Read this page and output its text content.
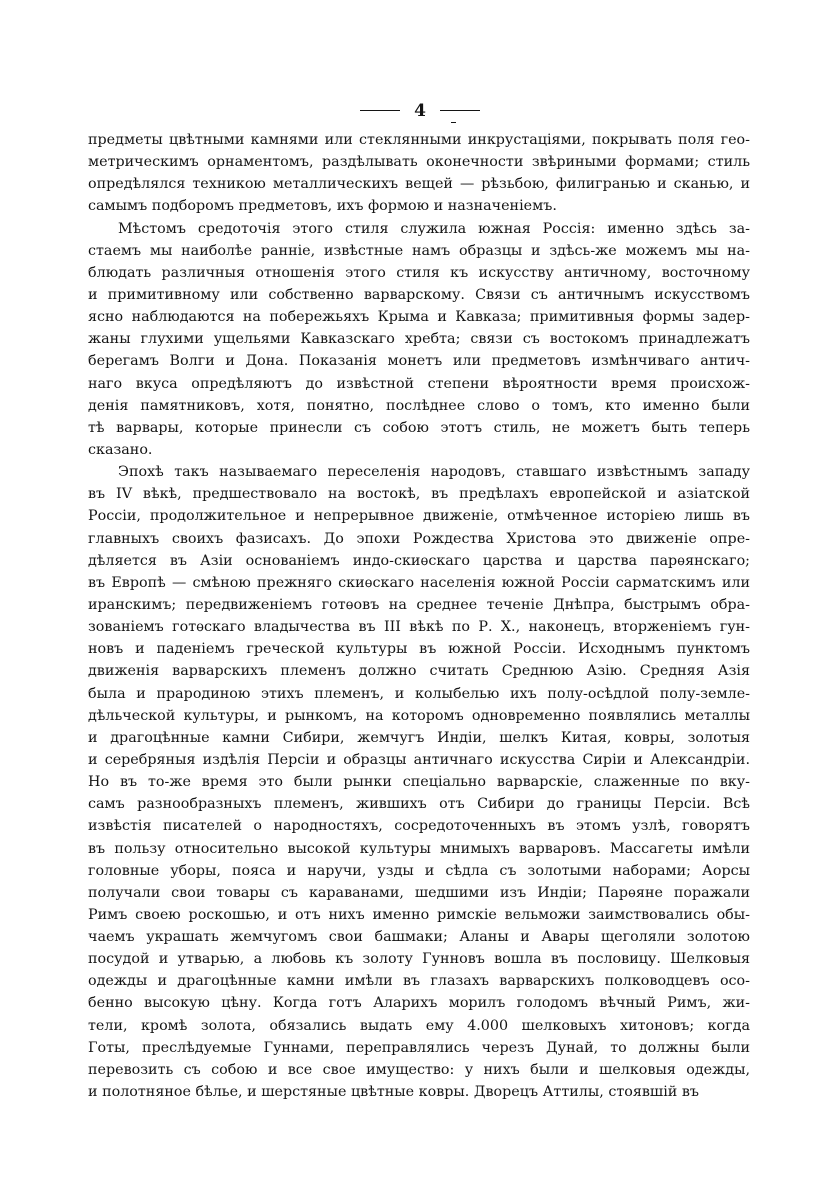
4
предметы цвѣтными камнями или стеклянными инкрустаціями, покрывать поля гео-
метрическимъ орнаментомъ, раздѣлывать оконечности звѣриными формами; стиль
опредѣлялся техникою металлическихъ вещей — рѣзьбою, филигранью и сканью, и
самымъ подборомъ предметовъ, ихъ формою и назначеніемъ.
Мѣстомъ средоточія этого стиля служила южная Россія: именно здѣсь за-
стаемъ мы наиболѣе ранніе, извѣстные намъ образцы и здѣсь-же можемъ мы на-
блюдать различныя отношенія этого стиля къ искусству античному, восточному
и примитивному или собственно варварскому. Связи съ античнымъ искусствомъ
ясно наблюдаются на побережьяхъ Крыма и Кавказа; примитивныя формы задер-
жаны глухими ущельями Кавказскаго хребта; связи съ востокомъ принадлежатъ
берегамъ Волги и Дона. Показанія монетъ или предметовъ измѣнчиваго антич-
наго вкуса опредѣляютъ до извѣстной степени вѣроятности время происхож-
денія памятниковъ, хотя, понятно, послѣднее слово о томъ, кто именно были
тѣ варвары, которые принесли съ собою этотъ стиль, не можетъ быть теперь
сказано.
Эпохѣ такъ называемаго переселенія народовъ, ставшаго извѣстнымъ западу
въ IV вѣкѣ, предшествовало на востокѣ, въ предѣлахъ европейской и азіатской
Россіи, продолжительное и непрерывное движеніе, отмѣченное исторіею лишь въ
главныхъ своихъ фазисахъ. До эпохи Рождества Христова это движеніе опре-
дѣляется въ Азіи основаніемъ индо-скиѳскаго царства и царства парѳянскаго;
въ Европѣ — смѣною прежняго скиѳскаго населенія южной Россіи сарматскимъ или
иранскимъ; передвиженіемъ готѳовъ на среднее теченіе Днѣпра, быстрымъ обра-
зованіемъ готѳскаго владычества въ III вѣкѣ по Р. Х., наконецъ, вторженіемъ гун-
новъ и паденіемъ греческой культуры въ южной Россіи. Исходнымъ пунктомъ
движенія варварскихъ племенъ должно считать Среднюю Азію. Средняя Азія
была и прародиною этихъ племенъ, и колыбелью ихъ полу-осѣдлой полу-земле-
дѣльческой культуры, и рынкомъ, на которомъ одновременно появлялись металлы
и драгоцѣнные камни Сибири, жемчугъ Индіи, шелкъ Китая, ковры, золотыя
и серебряныя издѣлія Персіи и образцы античнаго искусства Сиріи и Александріи.
Но въ то-же время это были рынки спеціально варварскіе, слаженные по вку-
самъ разнообразныхъ племенъ, жившихъ отъ Сибири до границы Персіи. Всѣ
извѣстія писателей о народностяхъ, сосредоточенныхъ въ этомъ узлѣ, говорятъ
въ пользу относительно высокой культуры мнимыхъ варваровъ. Массагеты имѣли
головные уборы, пояса и наручи, узды и сѣдла съ золотыми наборами; Аорсы
получали свои товары съ караванами, шедшими изъ Индіи; Парѳяне поражали
Римъ своею роскошью, и отъ нихъ именно римскіе вельможи заимствовались обы-
чаемъ украшать жемчугомъ свои башмаки; Аланы и Авары щеголяли золотою
посудой и утварью, а любовь къ золоту Гунновъ вошла въ пословицу. Шелковыя
одежды и драгоцѣнные камни имѣли въ глазахъ варварскихъ полководцевъ осо-
бенно высокую цѣну. Когда готъ Аларихъ морилъ голодомъ вѣчный Римъ, жи-
тели, кромѣ золота, обязались выдать ему 4.000 шелковыхъ хитоновъ; когда
Готы, преслѣдуемые Гуннами, переправлялись черезъ Дунай, то должны были
перевозить съ собою и все свое имущество: у нихъ были и шелковыя одежды,
и полотняное бѣлье, и шерстяные цвѣтные ковры. Дворецъ Аттилы, стоявшій въ
